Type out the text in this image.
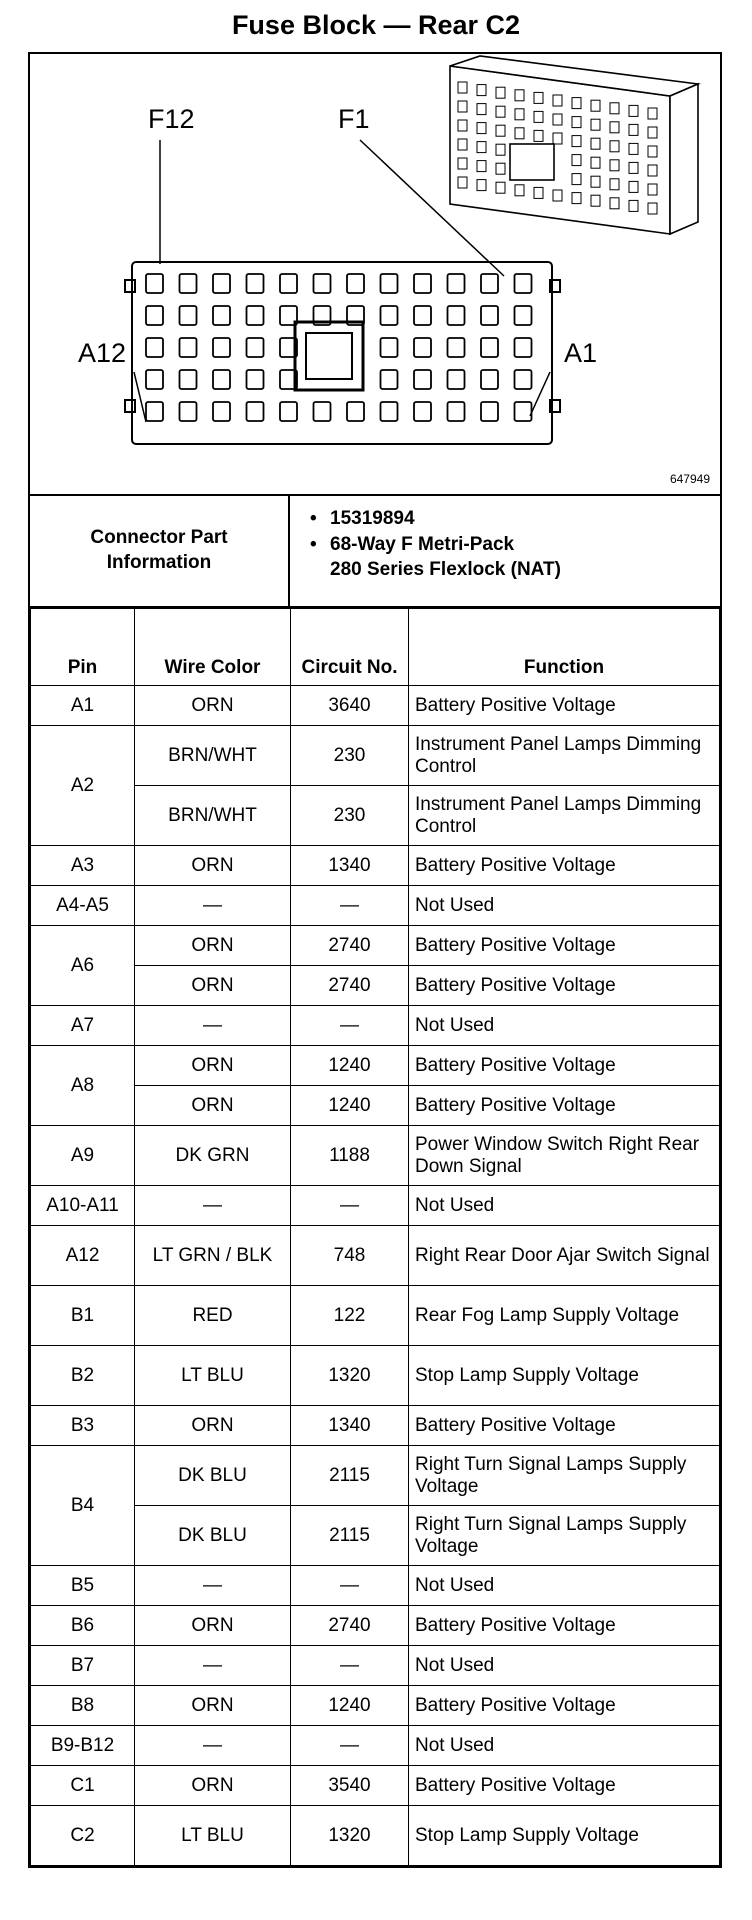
Fuse Block — Rear C2
F12	F1
A12	A1
647949
Connector Part Information
• 15319894
• 68-Way F Metri-Pack
280 Series Flexlock (NAT)
Pin	Wire Color	Circuit No.	Function
A1	ORN	3640	Battery Positive Voltage
A2	BRN/WHT	230	Instrument Panel Lamps Dimming Control
	BRN/WHT	230	Instrument Panel Lamps Dimming Control
A3	ORN	1340	Battery Positive Voltage
A4-A5	—	—	Not Used
A6	ORN	2740	Battery Positive Voltage
	ORN	2740	Battery Positive Voltage
A7	—	—	Not Used
A8	ORN	1240	Battery Positive Voltage
	ORN	1240	Battery Positive Voltage
A9	DK GRN	1188	Power Window Switch Right Rear Down Signal
A10-A11	—	—	Not Used
A12	LT GRN / BLK	748	Right Rear Door Ajar Switch Signal
B1	RED	122	Rear Fog Lamp Supply Voltage
B2	LT BLU	1320	Stop Lamp Supply Voltage
B3	ORN	1340	Battery Positive Voltage
B4	DK BLU	2115	Right Turn Signal Lamps Supply Voltage
	DK BLU	2115	Right Turn Signal Lamps Supply Voltage
B5	—	—	Not Used
B6	ORN	2740	Battery Positive Voltage
B7	—	—	Not Used
B8	ORN	1240	Battery Positive Voltage
B9-B12	—	—	Not Used
C1	ORN	3540	Battery Positive Voltage
C2	LT BLU	1320	Stop Lamp Supply Voltage
